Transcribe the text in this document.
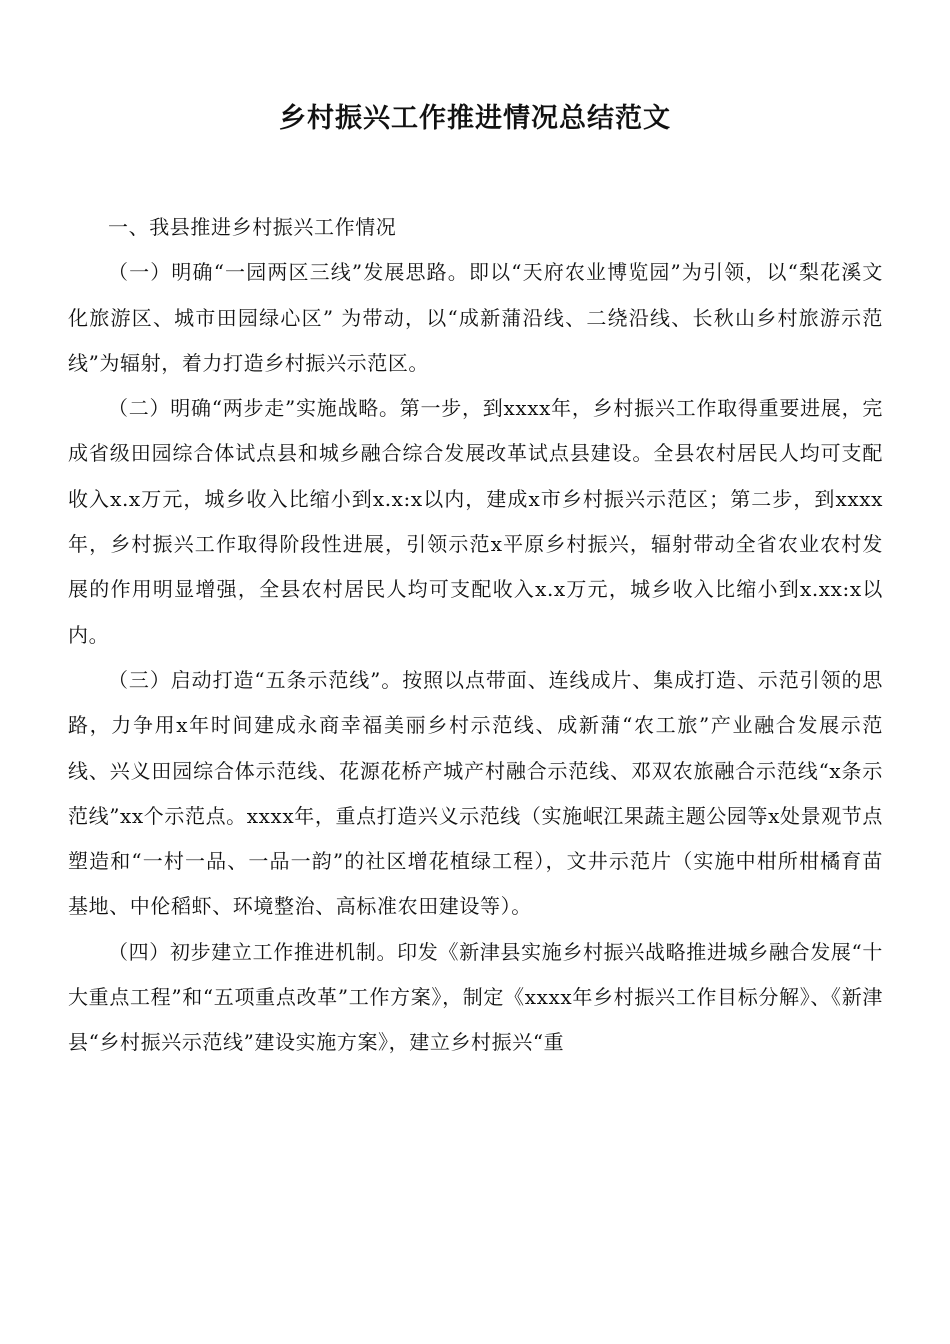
乡村振兴工作推进情况总结范文

一、我县推进乡村振兴工作情况

（一）明确“一园两区三线”发展思路。即以“天府农业博览园”为引领，以“梨花溪文化旅游区、城市田园绿心区” 为带动，以“成新蒲沿线、二绕沿线、长秋山乡村旅游示范线”为辐射，着力打造乡村振兴示范区。

（二）明确“两步走”实施战略。第一步，到xxxx年，乡村振兴工作取得重要进展，完成省级田园综合体试点县和城乡融合综合发展改革试点县建设。全县农村居民人均可支配收入x.x万元，城乡收入比缩小到x.x:x以内，建成x市乡村振兴示范区；第二步，到xxxx年，乡村振兴工作取得阶段性进展，引领示范x平原乡村振兴，辐射带动全省农业农村发展的作用明显增强，全县农村居民人均可支配收入x.x万元，城乡收入比缩小到x.xx:x以内。

（三）启动打造“五条示范线”。按照以点带面、连线成片、集成打造、示范引领的思路，力争用x年时间建成永商幸福美丽乡村示范线、成新蒲“农工旅”产业融合发展示范线、兴义田园综合体示范线、花源花桥产城产村融合示范线、邓双农旅融合示范线“x条示范线”xx个示范点。xxxx年，重点打造兴义示范线（实施岷江果蔬主题公园等x处景观节点塑造和“一村一品、一品一韵”的社区增花植绿工程），文井示范片（实施中柑所柑橘育苗基地、中伦稻虾、环境整治、高标准农田建设等）。

（四）初步建立工作推进机制。印发《新津县实施乡村振兴战略推进城乡融合发展“十大重点工程”和“五项重点改革”工作方案》，制定《xxxx年乡村振兴工作目标分解》、《新津县“乡村振兴示范线”建设实施方案》，建立乡村振兴“重
